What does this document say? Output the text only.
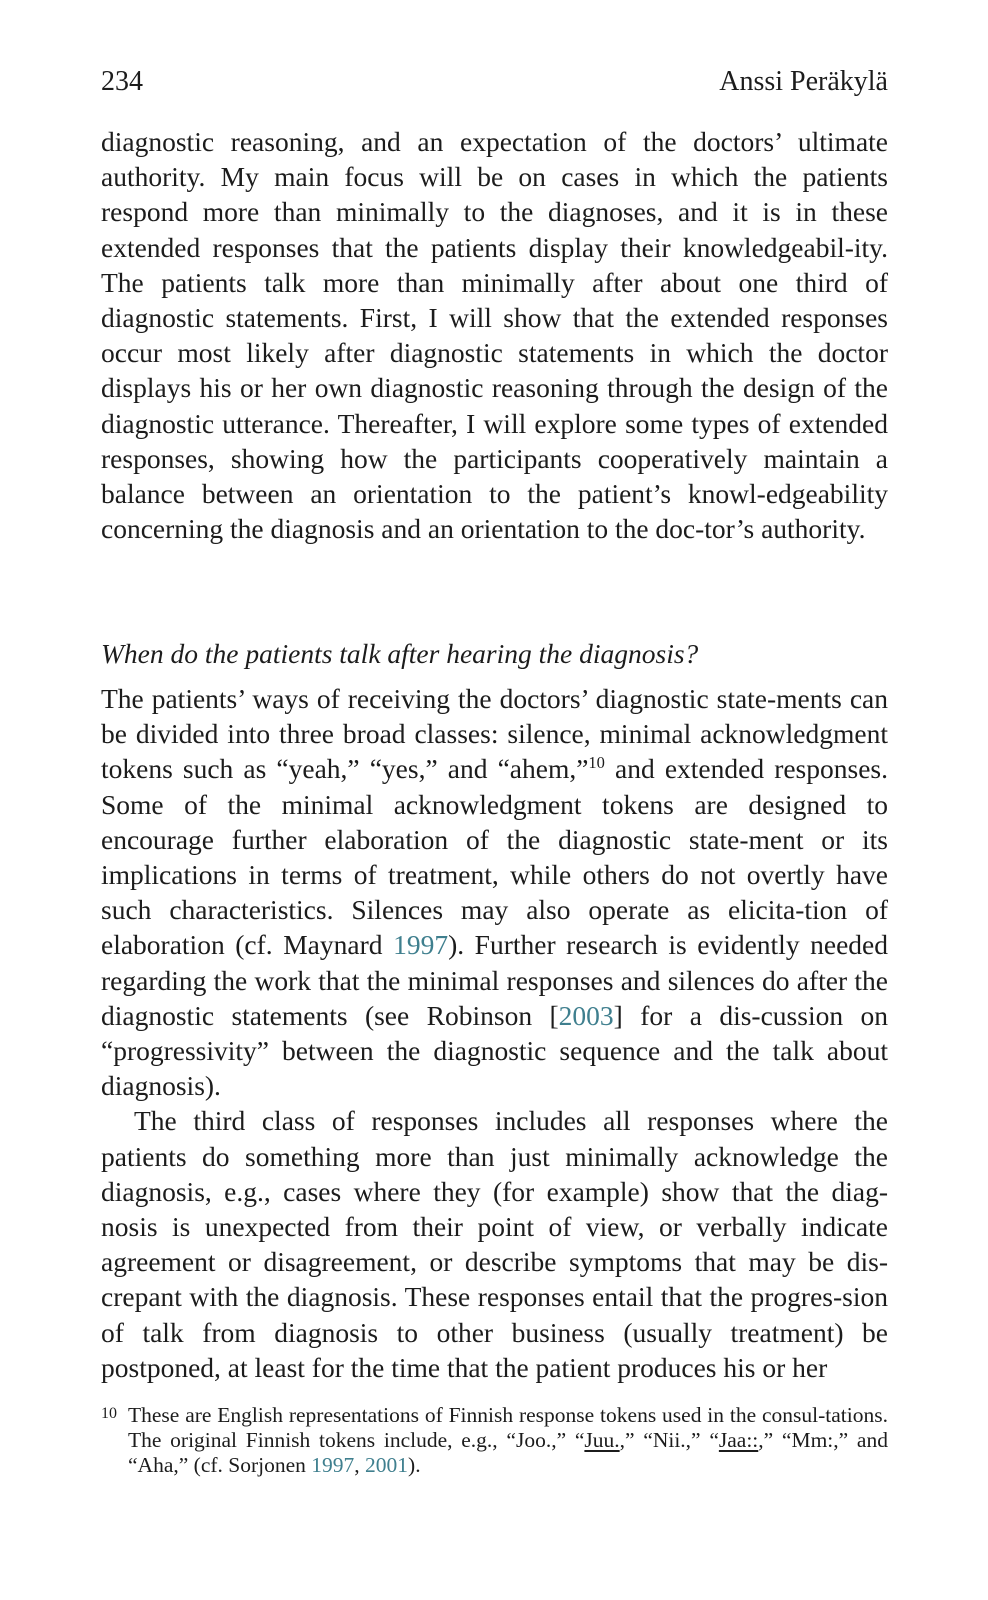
234	Anssi Peräkylä

diagnostic reasoning, and an expectation of the doctors’ ultimate authority. My main focus will be on cases in which the patients respond more than minimally to the diagnoses, and it is in these extended responses that the patients display their knowledgeabil-ity. The patients talk more than minimally after about one third of diagnostic statements. First, I will show that the extended responses occur most likely after diagnostic statements in which the doctor displays his or her own diagnostic reasoning through the design of the diagnostic utterance. Thereafter, I will explore some types of extended responses, showing how the participants cooperatively maintain a balance between an orientation to the patient’s knowl-edgeability concerning the diagnosis and an orientation to the doc-tor’s authority.

When do the patients talk after hearing the diagnosis?

The patients’ ways of receiving the doctors’ diagnostic state-ments can be divided into three broad classes: silence, minimal acknowledgment tokens such as “yeah,” “yes,” and “ahem,”$^{10}$ and extended responses. Some of the minimal acknowledgment tokens are designed to encourage further elaboration of the diagnostic state-ment or its implications in terms of treatment, while others do not overtly have such characteristics. Silences may also operate as elicita-tion of elaboration (cf. Maynard 1997). Further research is evidently needed regarding the work that the minimal responses and silences do after the diagnostic statements (see Robinson [2003] for a dis-cussion on “progressivity” between the diagnostic sequence and the talk about diagnosis).

The third class of responses includes all responses where the patients do something more than just minimally acknowledge the diagnosis, e.g., cases where they (for example) show that the diag-nosis is unexpected from their point of view, or verbally indicate agreement or disagreement, or describe symptoms that may be dis-crepant with the diagnosis. These responses entail that the progres-sion of talk from diagnosis to other business (usually treatment) be postponed, at least for the time that the patient produces his or her

10 These are English representations of Finnish response tokens used in the consul-tations. The original Finnish tokens include, e.g., “Joo.,” “Juu.,” “Nii.,” “Jaa::,” “Mm:,” and “Aha,” (cf. Sorjonen 1997, 2001).
